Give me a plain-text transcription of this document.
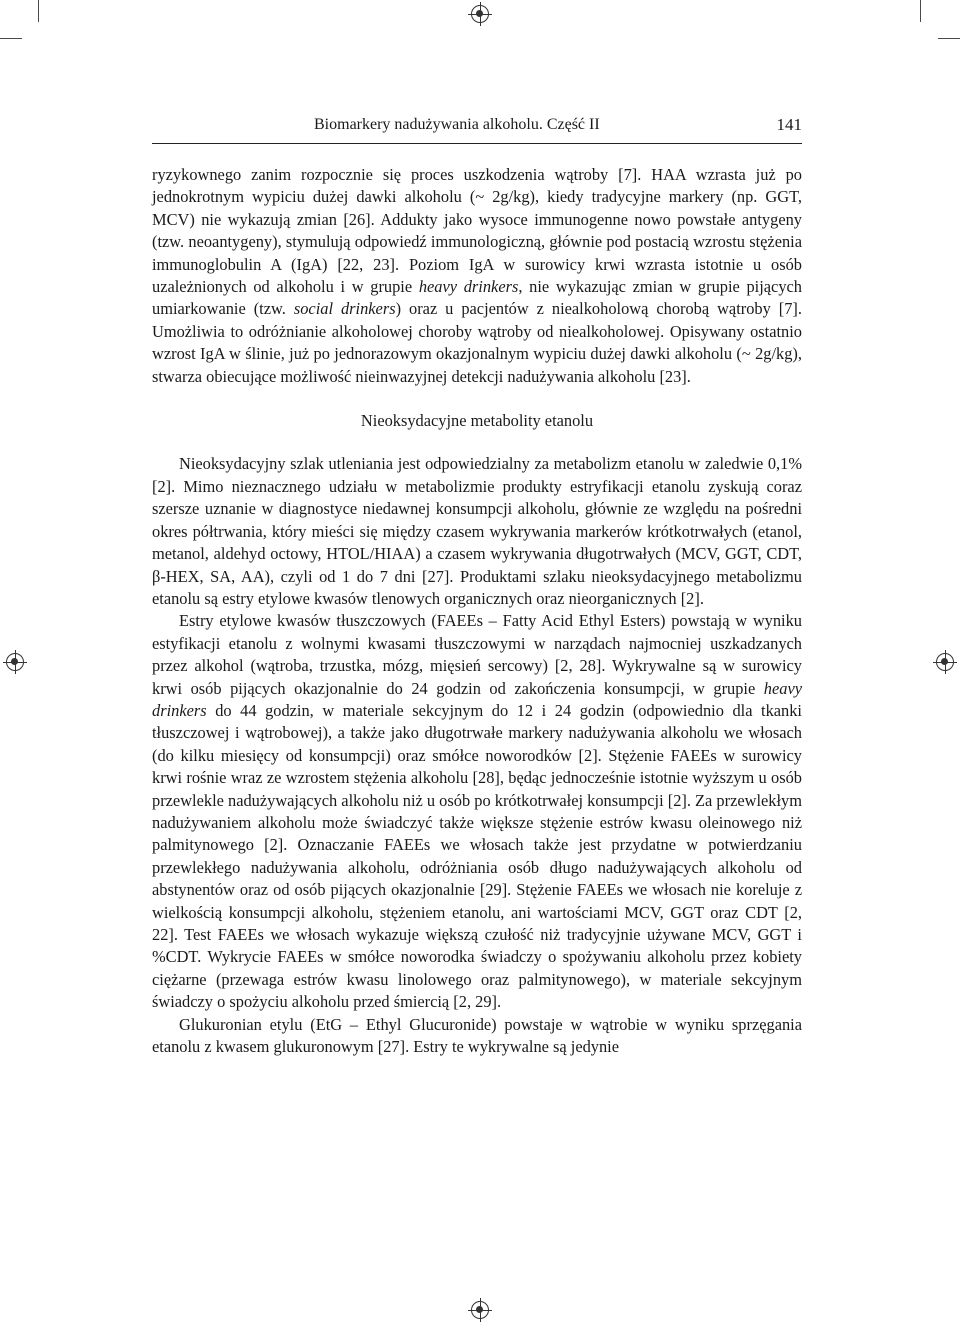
Biomarkery nadużywania alkoholu. Część II	141

ryzykownego zanim rozpocznie się proces uszkodzenia wątroby [7]. HAA wzrasta już po jednokrotnym wypiciu dużej dawki alkoholu (~ 2g/kg), kiedy tradycyjne markery (np. GGT, MCV) nie wykazują zmian [26]. Addukty jako wysoce immunogenne nowo powstałe antygeny (tzw. neoantygeny), stymulują odpowiedź immunologiczną, głównie pod postacią wzrostu stężenia immunoglobulin A (IgA) [22, 23]. Poziom IgA w surowicy krwi wzrasta istotnie u osób uzależnionych od alkoholu i w grupie heavy drinkers, nie wykazując zmian w grupie pijących umiarkowanie (tzw. social drinkers) oraz u pacjentów z niealkoholową chorobą wątroby [7]. Umożliwia to odróżnianie alkoholowej choroby wątroby od niealkoholowej. Opisywany ostatnio wzrost IgA w ślinie, już po jednorazowym okazjonalnym wypiciu dużej dawki alkoholu (~ 2g/kg), stwarza obiecujące możliwość nieinwazyjnej detekcji nadużywania alkoholu [23].

Nieoksydacyjne metabolity etanolu

Nieoksydacyjny szlak utleniania jest odpowiedzialny za metabolizm etanolu w zaledwie 0,1% [2]. Mimo nieznacznego udziału w metabolizmie produkty estryfikacji etanolu zyskują coraz szersze uznanie w diagnostyce niedawnej konsumpcji alkoholu, głównie ze względu na pośredni okres półtrwania, który mieści się między czasem wykrywania markerów krótkotrwałych (etanol, metanol, aldehyd octowy, HTOL/​HIAA) a czasem wykrywania długotrwałych (MCV, GGT, CDT, β-HEX, SA, AA), czyli od 1 do 7 dni [27]. Produktami szlaku nieoksydacyjnego metabolizmu etanolu są estry etylowe kwasów tlenowych organicznych oraz nieorganicznych [2].

Estry etylowe kwasów tłuszczowych (FAEEs – Fatty Acid Ethyl Esters) powstają w wyniku estyfikacji etanolu z wolnymi kwasami tłuszczowymi w narządach najmocniej uszkadzanych przez alkohol (wątroba, trzustka, mózg, mięsień sercowy) [2, 28]. Wykrywalne są w surowicy krwi osób pijących okazjonalnie do 24 godzin od zakończenia konsumpcji, w grupie heavy drinkers do 44 godzin, w materiale sekcyjnym do 12 i 24 godzin (odpowiednio dla tkanki tłuszczowej i wątrobowej), a także jako długotrwałe markery nadużywania alkoholu we włosach (do kilku miesięcy od konsumpcji) oraz smółce noworodków [2]. Stężenie FAEEs w surowicy krwi rośnie wraz ze wzrostem stężenia alkoholu [28], będąc jednocześnie istotnie wyższym u osób przewlekle nadużywających alkoholu niż u osób po krótkotrwałej konsumpcji [2]. Za przewlekłym nadużywaniem alkoholu może świadczyć także większe stężenie estrów kwasu oleinowego niż palmitynowego [2]. Oznaczanie FAEEs we włosach także jest przydatne w potwierdzaniu przewlekłego nadużywania alkoholu, odróżniania osób długo nadużywających alkoholu od abstynentów oraz od osób pijących okazjonalnie [29]. Stężenie FAEEs we włosach nie koreluje z wielkością konsumpcji alkoholu, stężeniem etanolu, ani wartościami MCV, GGT oraz CDT [2, 22]. Test FAEEs we włosach wykazuje większą czułość niż tradycyjnie używane MCV, GGT i %CDT. Wykrycie FAEEs w smółce noworodka świadczy o spożywaniu alkoholu przez kobiety ciężarne (przewaga estrów kwasu linolowego oraz palmitynowego), w materiale sekcyjnym świadczy o spożyciu alkoholu przed śmiercią [2, 29].

Glukuronian etylu (EtG – Ethyl Glucuronide) powstaje w wątrobie w wyniku sprzęgania etanolu z kwasem glukuronowym [27]. Estry te wykrywalne są jedynie
